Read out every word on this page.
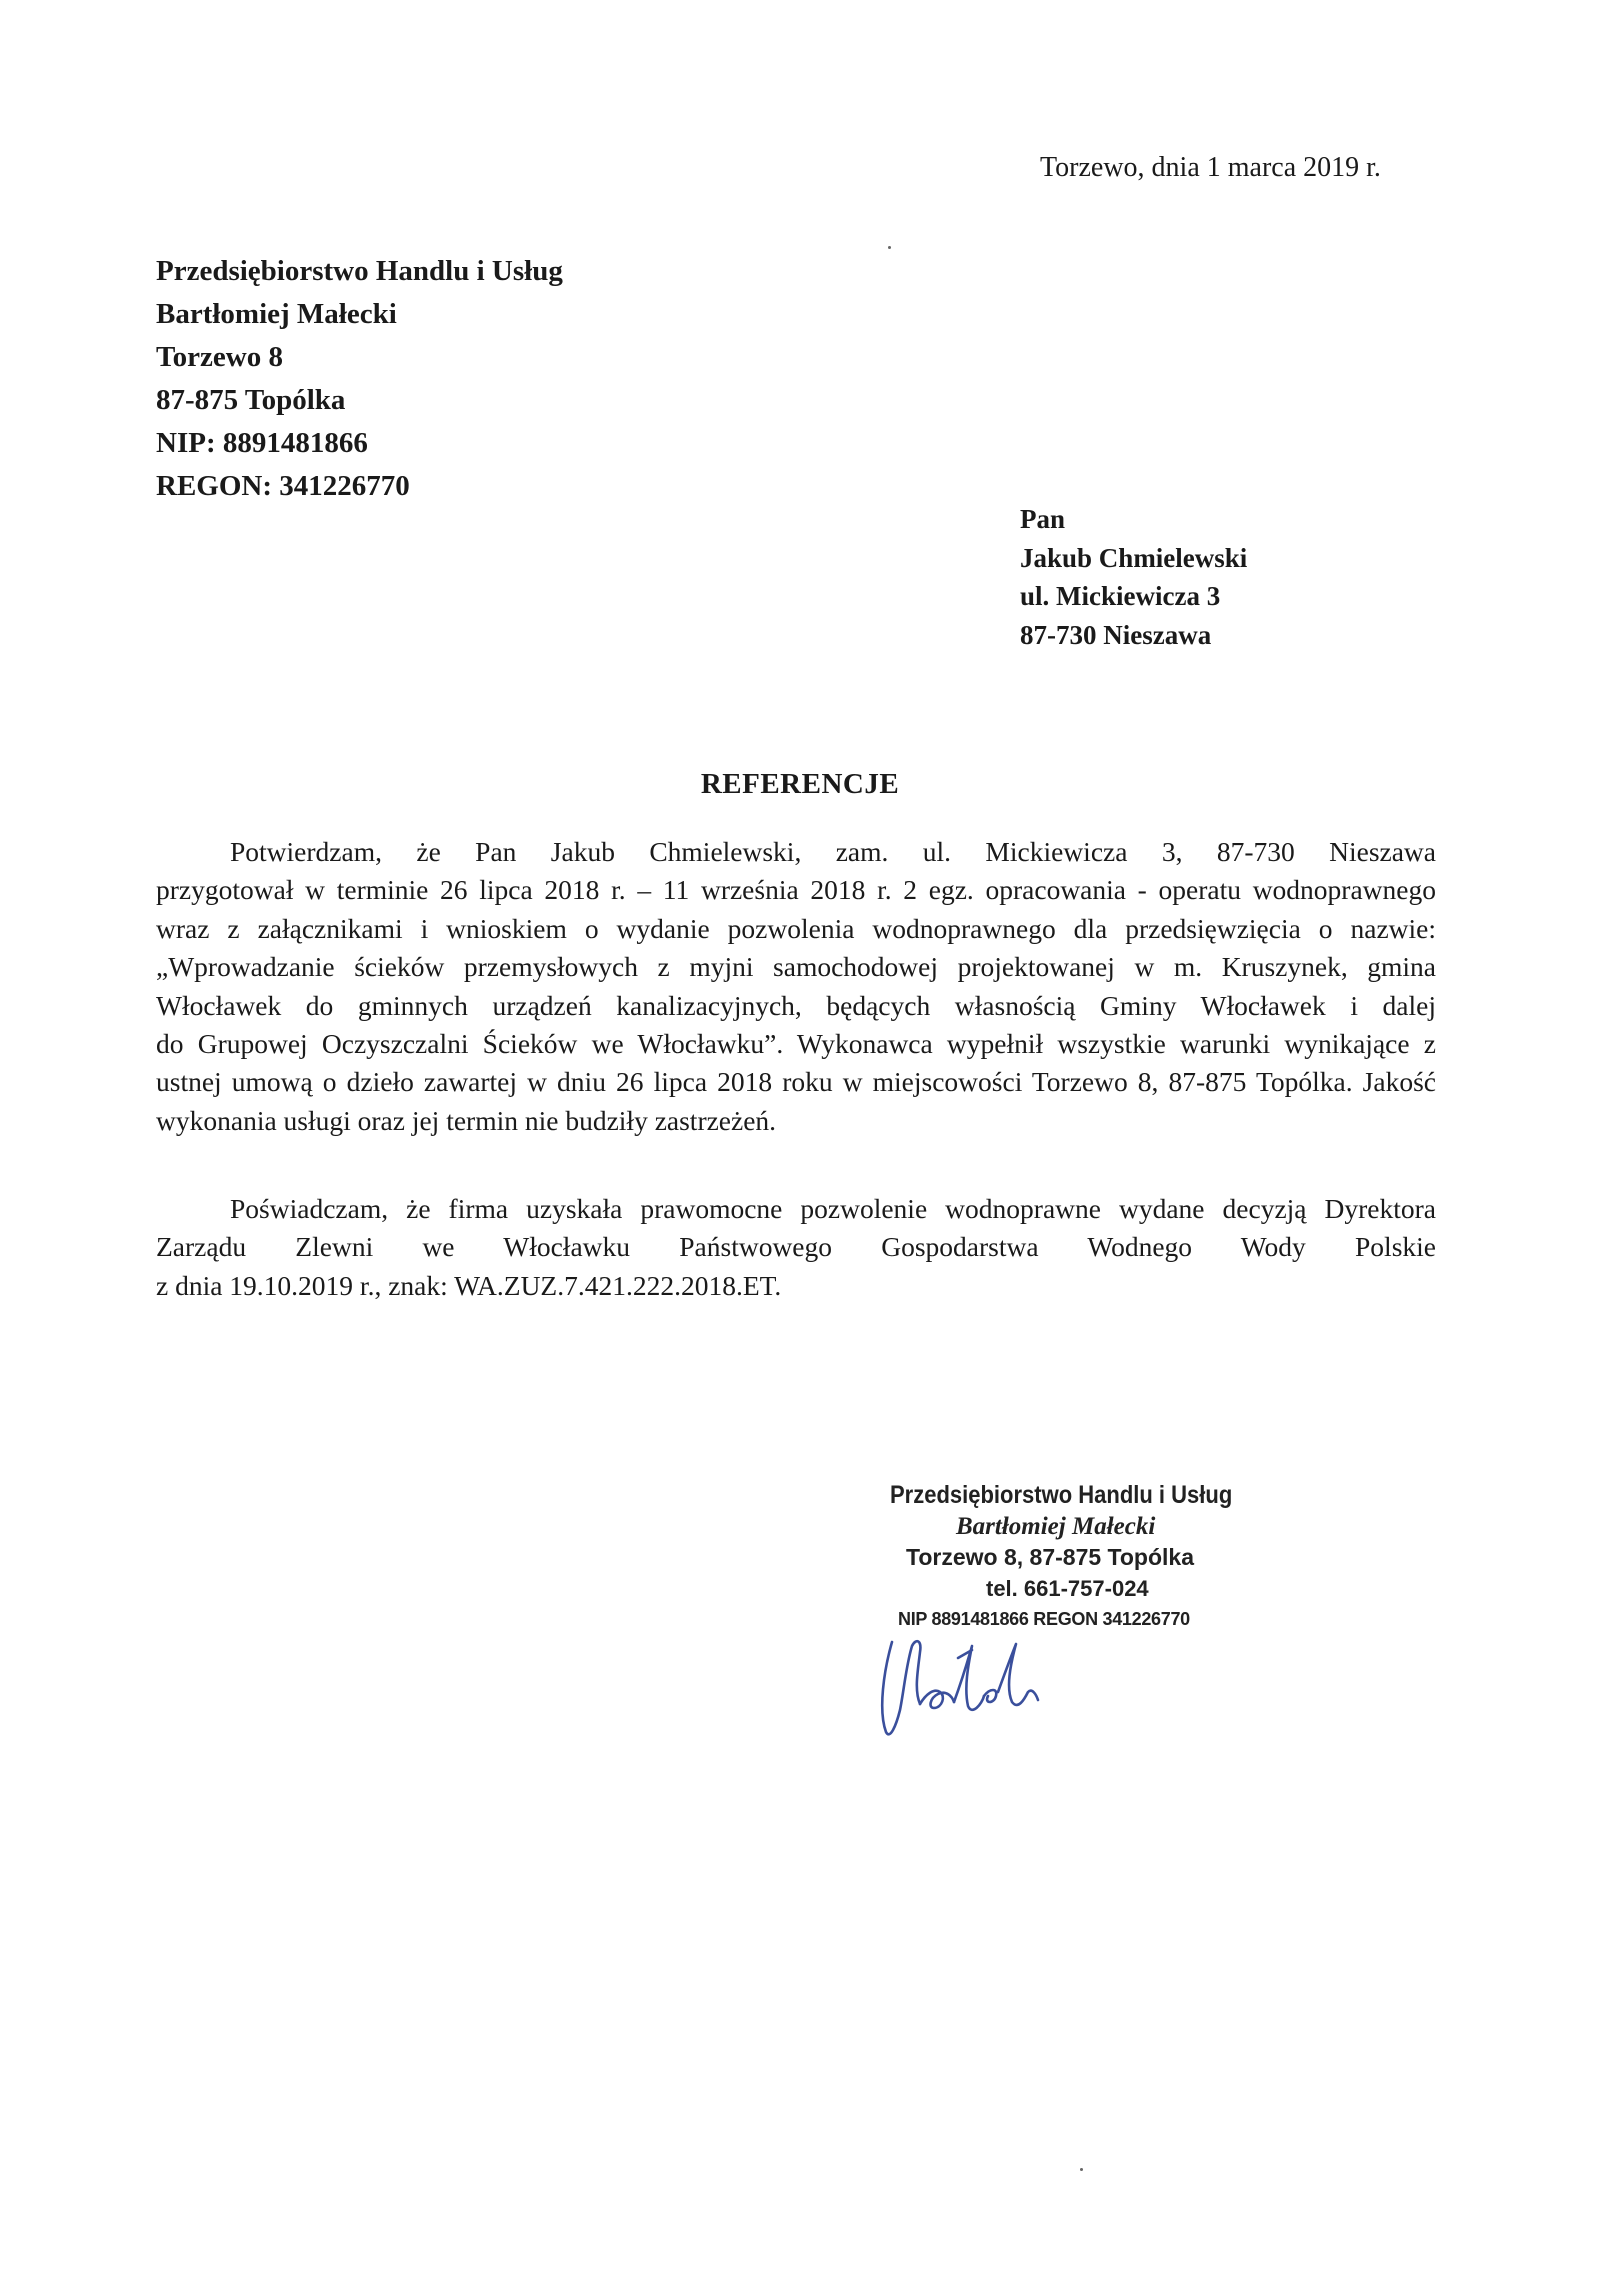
Torzewo, dnia 1 marca 2019 r.
Przedsiębiorstwo Handlu i Usług
Bartłomiej Małecki
Torzewo 8
87-875 Topólka
NIP: 8891481866
REGON: 341226770
Pan
Jakub Chmielewski
ul. Mickiewicza 3
87-730 Nieszawa
REFERENCJE
Potwierdzam, że Pan Jakub Chmielewski, zam. ul. Mickiewicza 3, 87-730 Nieszawa
przygotował w terminie 26 lipca 2018 r. – 11 września 2018 r. 2 egz. opracowania - operatu wodnoprawnego
wraz z załącznikami i wnioskiem o wydanie pozwolenia wodnoprawnego dla przedsięwzięcia o nazwie:
„Wprowadzanie ścieków przemysłowych z myjni samochodowej projektowanej w m. Kruszynek, gmina
Włocławek do gminnych urządzeń kanalizacyjnych, będących własnością Gminy Włocławek i dalej
do Grupowej Oczyszczalni Ścieków we Włocławku”. Wykonawca wypełnił wszystkie warunki wynikające z
ustnej umową o dzieło zawartej w dniu 26 lipca 2018 roku w miejscowości Torzewo 8, 87-875 Topólka. Jakość
wykonania usługi oraz jej termin nie budziły zastrzeżeń.
Poświadczam, że firma uzyskała prawomocne pozwolenie wodnoprawne wydane decyzją Dyrektora
Zarządu Zlewni we Włocławku Państwowego Gospodarstwa Wodnego Wody Polskie
z dnia 19.10.2019 r., znak: WA.ZUZ.7.421.222.2018.ET.
Przedsiębiorstwo Handlu i Usług
Bartłomiej Małecki
Torzewo 8, 87-875 Topólka
tel. 661-757-024
NIP 8891481866 REGON 341226770
